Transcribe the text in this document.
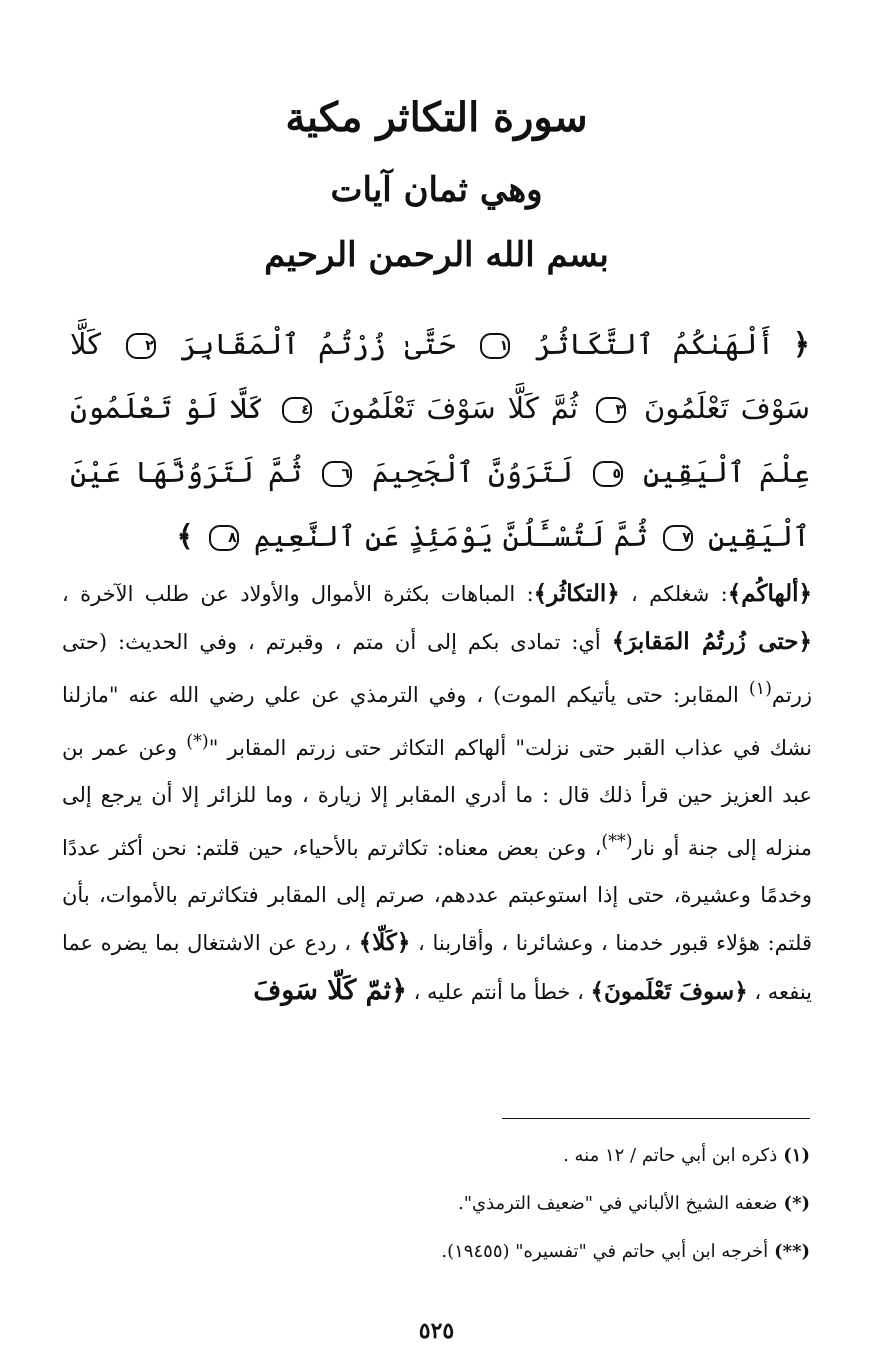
سورة التكاثر مكية
وهي ثمان آيات
بسم الله الرحمن الرحيم
﴿ أَلْهَىٰكُمُ ٱلتَّكَاثُرُ ١ حَتَّىٰ زُرْتُمُ ٱلْمَقَابِرَ ٢ كَلَّا سَوْفَ تَعْلَمُونَ ٣ ثُمَّ كَلَّا سَوْفَ تَعْلَمُونَ ٤ كَلَّا لَوْ تَعْلَمُونَ عِلْمَ ٱلْيَقِينِ ٥ لَتَرَوُنَّ ٱلْجَحِيمَ ٦ ثُمَّ لَتَرَوُنَّهَا عَيْنَ ٱلْيَقِينِ ٧ ثُمَّ لَتُسْـَٔلُنَّ يَوْمَئِذٍ عَنِ ٱلنَّعِيمِ ٨ ﴾
﴿ألهاكُم﴾: شغلكم ، ﴿التكاثُر﴾: المباهات بكثرة الأموال والأولاد عن طلب الآخرة ، ﴿حتى زُرتُمُ المَقابرَ﴾ أي: تمادى بكم إلى أن متم ، وقبرتم ، وفي الحديث: (حتى زرتم$^{(١)}$ المقابر: حتى يأتيكم الموت) ، وفي الترمذي عن علي رضي الله عنه "مازلنا نشك في عذاب القبر حتى نزلت" ألهاكم التكاثر حتى زرتم المقابر "(*) وعن عمر بن عبد العزيز حين قرأ ذلك قال : ما أدري المقابر إلا زيارة ، وما للزائر إلا أن يرجع إلى منزله إلى جنة أو نار(**)، وعن بعض معناه: تكاثرتم بالأحياء، حين قلتم: نحن أكثر عددًا وخدمًا وعشيرة، حتى إذا استوعبتم عددهم، صرتم إلى المقابر فتكاثرتم بالأموات، بأن قلتم: هؤلاء قبور خدمنا ، وعشائرنا ، وأقاربنا ، ﴿كَلّا﴾ ، ردع عن الاشتغال بما يضره عما ينفعه ، ﴿سوفَ تَعْلَمونَ﴾ ، خطأ ما أنتم عليه ، ﴿ثمّ كَلّا سَوفَ
(١)ذكره ابن أبي حاتم / ١٢ منه .
(*)ضعفه الشيخ الألباني في "ضعيف الترمذي".
(**)أخرجه ابن أبي حاتم في "تفسيره" (١٩٤٥٥).
٥٢٥
